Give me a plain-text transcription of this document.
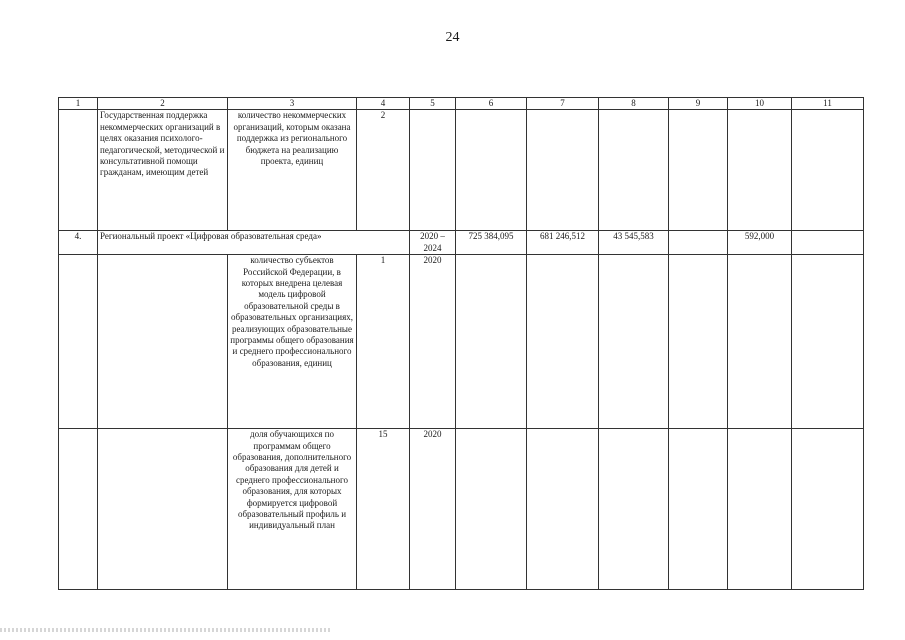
24
1	2	3	4	5	6	7	8	9	10	11
	Государственная поддержка некоммерческих организаций в целях оказания психолого-педагогической, методической и консультативной помощи гражданам, имеющим детей	количество некоммерческих организаций, которым оказана поддержка из регионального бюджета на реализацию проекта, единиц	2							
4.	Региональный проект «Цифровая образовательная среда»			2020 – 2024	725 384,095	681 246,512	43 545,583		592,000	
		количество субъектов Российской Федерации, в которых внедрена целевая модель цифровой образовательной среды в образовательных организациях, реализующих образовательные программы общего образования и среднего профессионального образования, единиц	1	2020						
		доля обучающихся по программам общего образования, дополнительного образования для детей и среднего профессионального образования, для которых формируется цифровой образовательный профиль и индивидуальный план	15	2020						
